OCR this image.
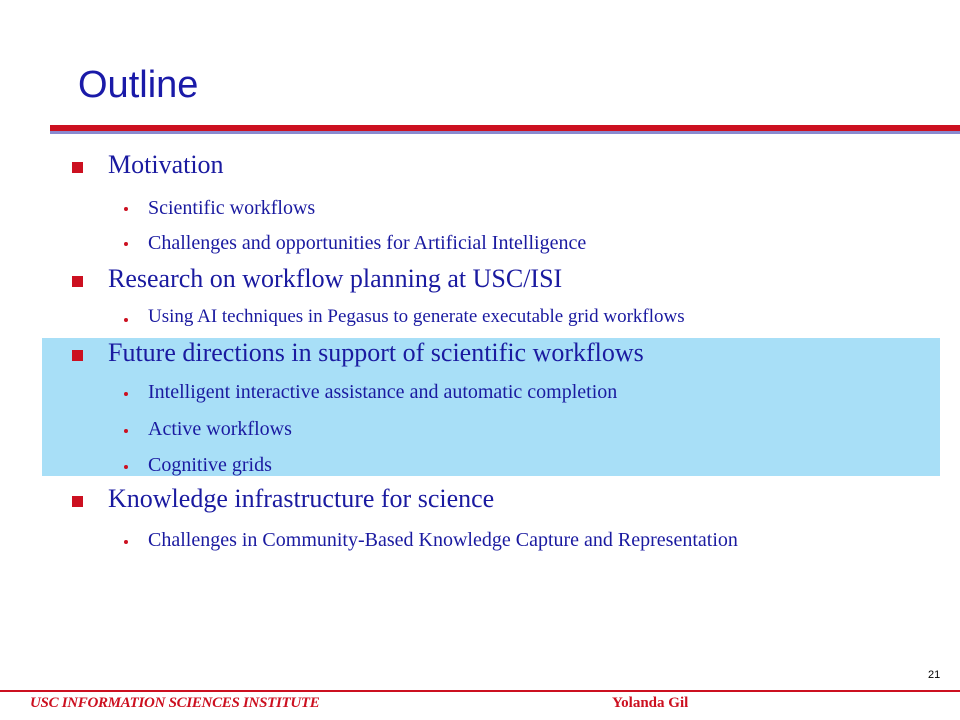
Outline
Motivation
Scientific workflows
Challenges and opportunities for Artificial Intelligence
Research on workflow planning at USC/ISI
Using AI techniques in Pegasus to generate executable grid workflows
Future directions in support of scientific workflows
Intelligent interactive assistance and automatic completion
Active workflows
Cognitive grids
Knowledge infrastructure for science
Challenges in Community-Based Knowledge Capture and Representation
21
USC INFORMATION SCIENCES INSTITUTE	Yolanda Gil
